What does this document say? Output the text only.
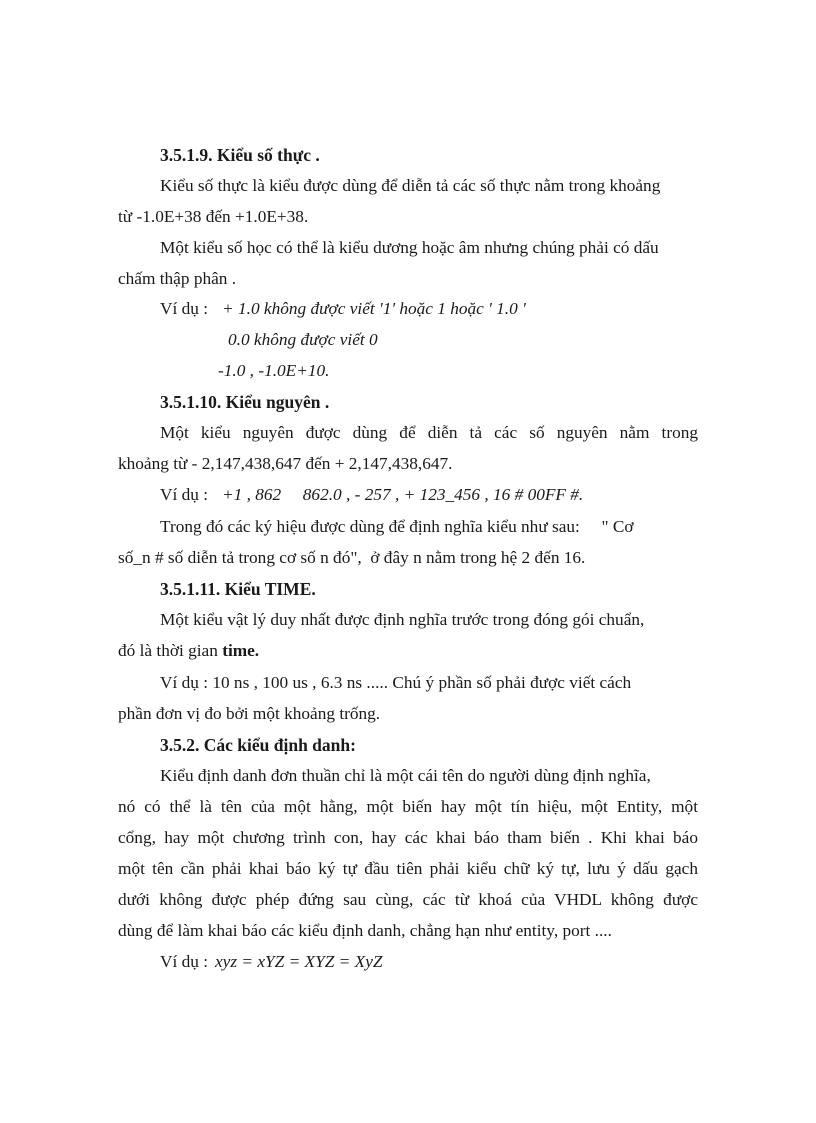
3.5.1.9. Kiểu số thực .
Kiểu số thực là kiểu được dùng để diễn tả các số thực nằm trong khoảng
từ -1.0E+38 đến +1.0E+38.
Một kiểu số học có thể là kiểu dương hoặc âm nhưng chúng phải có dấu
chấm thập phân .
Ví dụ : + 1.0 không được viết '1' hoặc 1 hoặc ' 1.0 '
0.0 không được viết 0
-1.0 , -1.0E+10.
3.5.1.10. Kiểu nguyên .
Một kiểu nguyên được dùng để diễn tả các số nguyên nằm trong
khoảng từ - 2,147,438,647 đến + 2,147,438,647.
Ví dụ : +1 , 862     862.0 , - 257 , + 123_456 , 16 # 00FF #.
Trong đó các ký hiệu được dùng để định nghĩa kiểu như sau:     " Cơ
số_n # số diễn tả trong cơ số n đó",  ở đây n nằm trong hệ 2 đến 16.
3.5.1.11. Kiểu TIME.
Một kiểu vật lý duy nhất được định nghĩa trước trong đóng gói chuẩn,
đó là thời gian time.
Ví dụ : 10 ns , 100 us , 6.3 ns ..... Chú ý phần số phải được viết cách
phần đơn vị đo bởi một khoảng trống.
3.5.2. Các kiểu định danh:
Kiểu định danh đơn thuần chỉ là một cái tên do người dùng định nghĩa,
nó có thể là tên của một hằng, một biến hay một tín hiệu, một Entity, một
cổng, hay một chương trình con, hay các khai báo tham biến . Khi khai báo
một tên cần phải khai báo ký tự đầu tiên phải kiểu chữ ký tự, lưu ý dấu gạch
dưới không được phép đứng sau cùng, các từ khoá của VHDL không được
dùng để làm khai báo các kiểu định danh, chẳng hạn như entity, port ....
Ví dụ : xyz = xYZ = XYZ = XyZ
